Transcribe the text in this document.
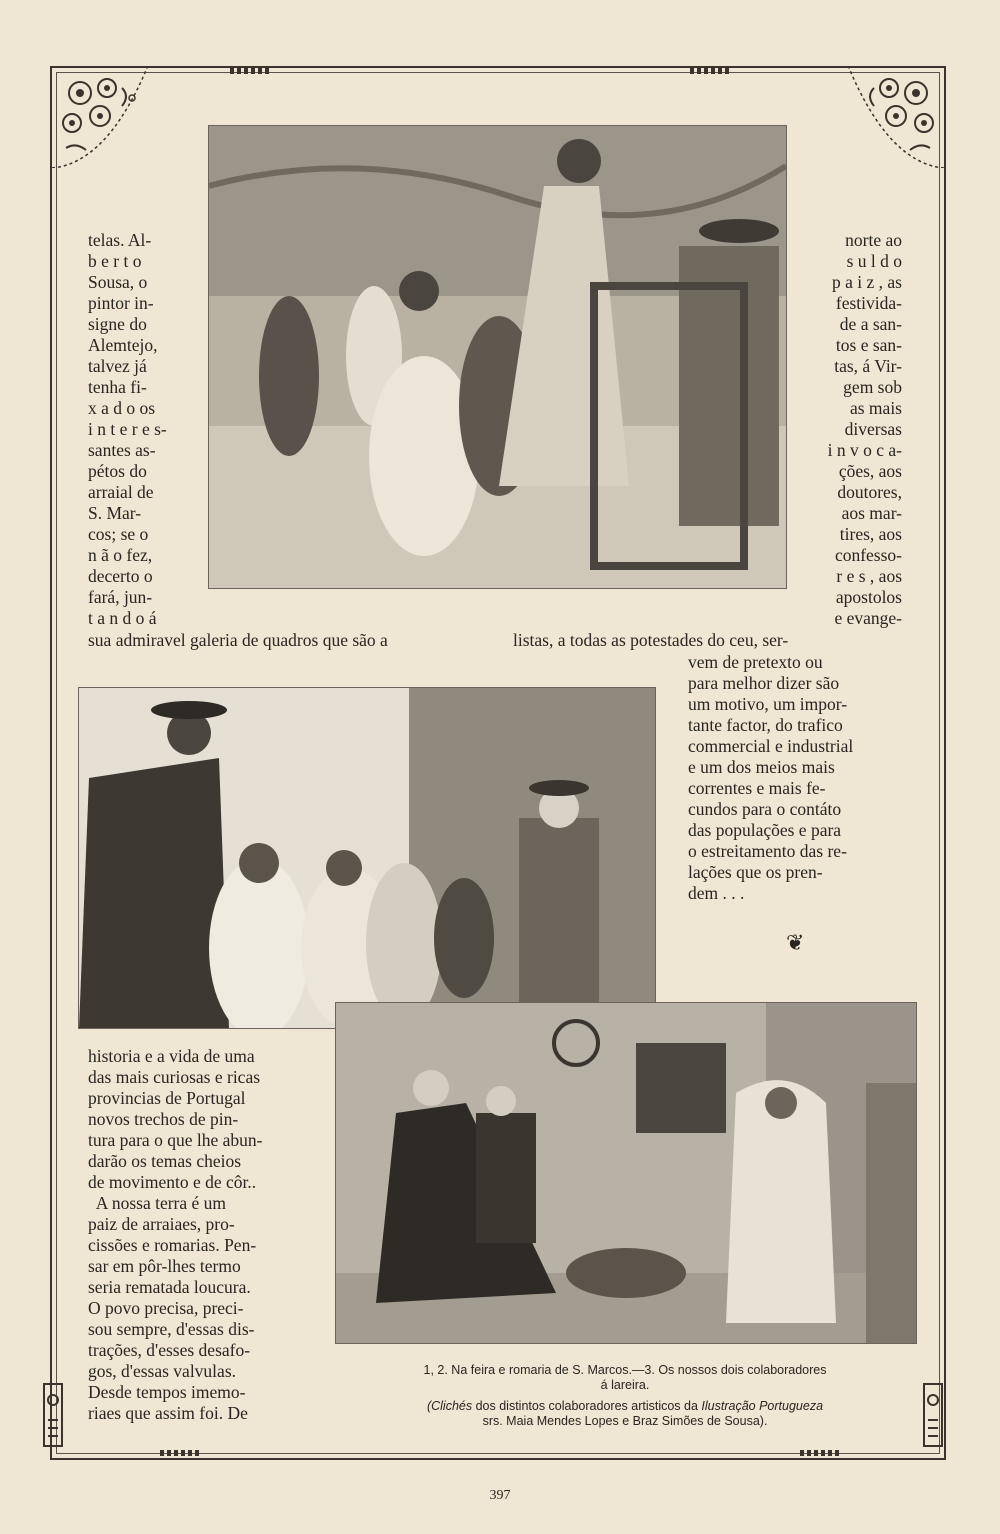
telas. Al-

b e r t o

Sousa, o

pintor in-

signe do

Alemtejo,

talvez já

tenha fi-

x a d o os

i n t e r e s-

santes as-

pétos do

arraial de

S. Mar-

cos; se o

n ã o fez,

decerto o

fará, jun-

t a n d o á

norte ao

s u l d o

p a i z , as

festivida-

de a san-

tos e san-

tas, á Vir-

gem sob

as mais

diversas

i n v o c a-

ções, aos

doutores,

aos mar-

tires, aos

confesso-

r e s , aos

apostolos

e evange-

sua admiravel galeria de quadros que são a	listas, a todas as potestades do ceu, ser-

vem de pretexto ou

para melhor dizer são

um motivo, um impor-

tante factor, do trafico

commercial e industrial

e um dos meios mais

correntes e mais fe-

cundos para o contáto

das populações e para

o estreitamento das re-

lações que os pren-

dem . . .

❦

historia e a vida de uma

das mais curiosas e ricas

provincias de Portugal

novos trechos de pin-

tura para o que lhe abun-

darão os temas cheios

de movimento e de côr..

A nossa terra é um

paiz de arraiaes, pro-

cissões e romarias. Pen-

sar em pôr-lhes termo

seria rematada loucura.

O povo precisa, preci-

sou sempre, d'essas dis-

trações, d'esses desafo-

gos, d'essas valvulas.

Desde tempos imemo-

riaes que assim foi. De

1, 2. Na feira e romaria de S. Marcos.—3. Os nossos dois colaboradores
á lareira.
(Clichés dos distintos colaboradores artisticos da Ilustração Portugueza
srs. Maia Mendes Lopes e Braz Simões de Sousa).
397
